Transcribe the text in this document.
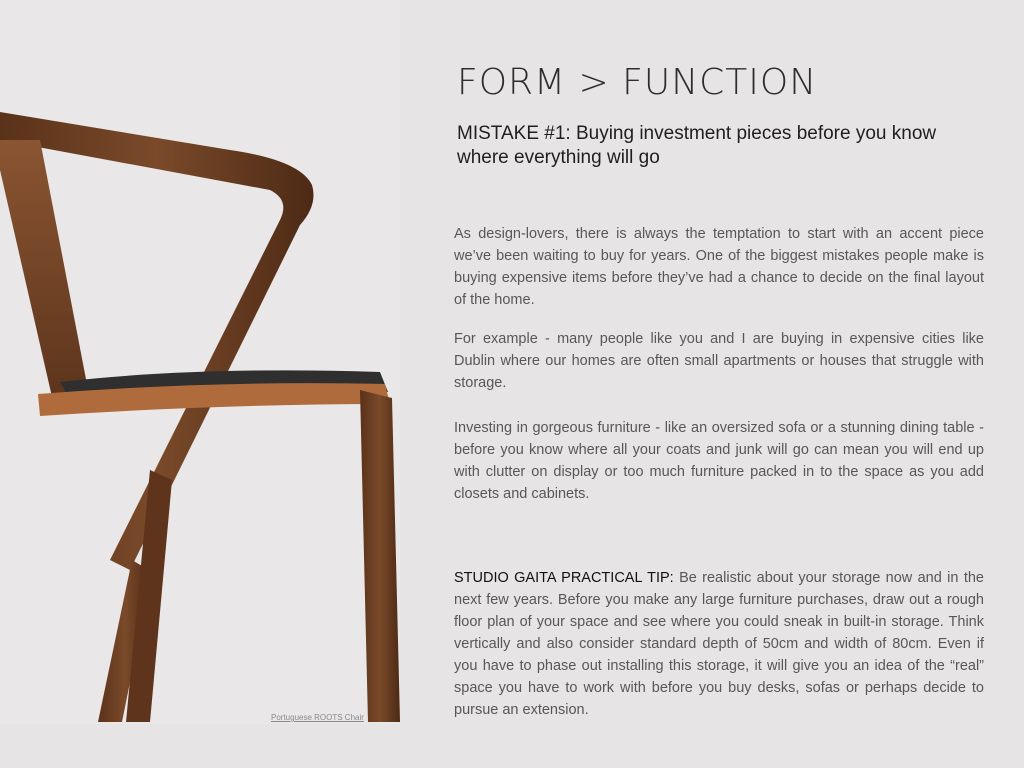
Portuguese ROOTS Chair
FORM > FUNCTION
MISTAKE #1: Buying investment pieces before you know where everything will go

As design-lovers, there is always the temptation to start with an accent piece we’ve been waiting to buy for years. One of the biggest mistakes people make is buying expensive items before they’ve had a chance to decide on the final layout of the home.

For example - many people like you and I are buying in expensive cities like Dublin where our homes are often small apartments or houses that struggle with storage.

Investing in gorgeous furniture - like an oversized sofa or a stunning dining table - before you know where all your coats and junk will go can mean you will end up with clutter on display or too much furniture packed in to the space as you add closets and cabinets.

STUDIO GAITA PRACTICAL TIP: Be realistic about your storage now and in the next few years. Before you make any large furniture purchases, draw out a rough floor plan of your space and see where you could sneak in built-in storage. Think vertically and also consider standard depth of 50cm and width of 80cm. Even if you have to phase out installing this storage, it will give you an idea of the “real” space you have to work with before you buy desks, sofas or perhaps decide to pursue an extension.
